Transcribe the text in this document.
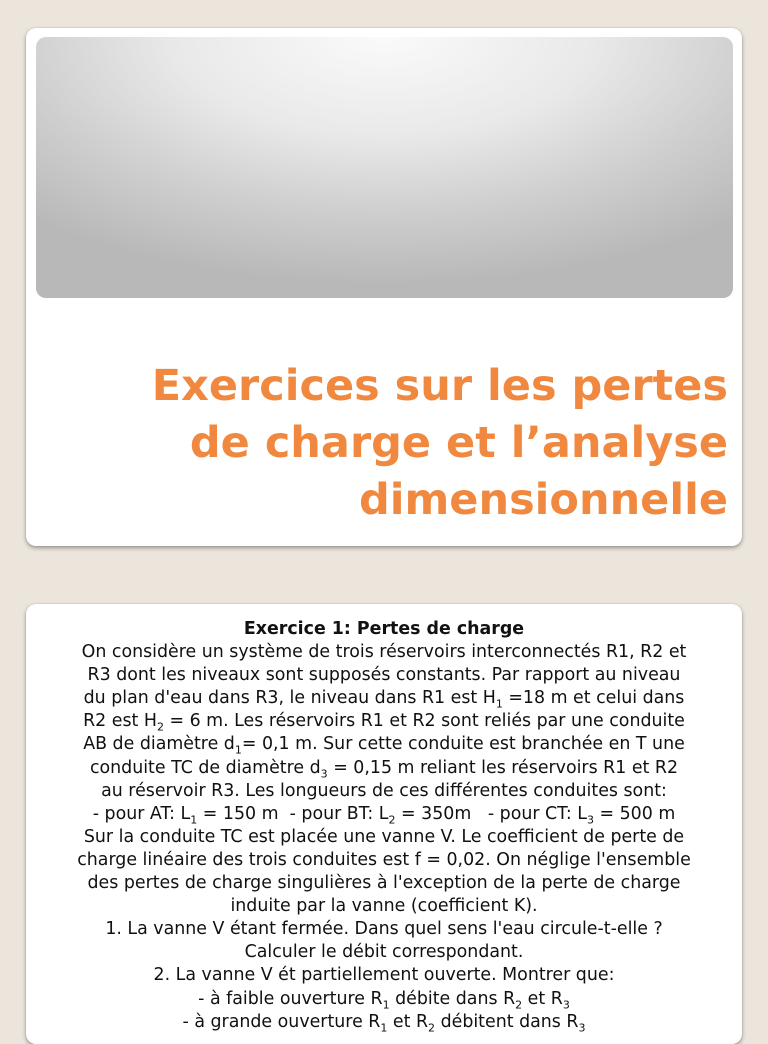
Exercices sur les pertes
de charge et l’analyse
dimensionnelle
Exercice 1: Pertes de charge
On considère un système de trois réservoirs interconnectés R1, R2 et
R3 dont les niveaux sont supposés constants. Par rapport au niveau
du plan d'eau dans R3, le niveau dans R1 est $H_1 =18$ m et celui dans
R2 est $H_2 = 6$ m. Les réservoirs R1 et R2 sont reliés par une conduite
AB de diamètre $d_1= 0,1$ m. Sur cette conduite est branchée en T une
conduite TC de diamètre $d_3 = 0,15$ m reliant les réservoirs R1 et R2
au réservoir R3. Les longueurs de ces différentes conduites sont:
- pour AT: $L_1 = 150$ m  - pour BT: $L_2 = 350m$   - pour CT: $L_3 = 500$ m
Sur la conduite TC est placée une vanne V. Le coefficient de perte de
charge linéaire des trois conduites est f = 0,02. On néglige l'ensemble
des pertes de charge singulières à l'exception de la perte de charge
induite par la vanne (coefficient K).
1. La vanne V étant fermée. Dans quel sens l'eau circule-t-elle ?
Calculer le débit correspondant.
2. La vanne V ét partiellement ouverte. Montrer que:
- à faible ouverture $R_1$ débite dans $R_2$ et $R_3$
- à grande ouverture $R_1$ et $R_2$ débitent dans $R_3$
